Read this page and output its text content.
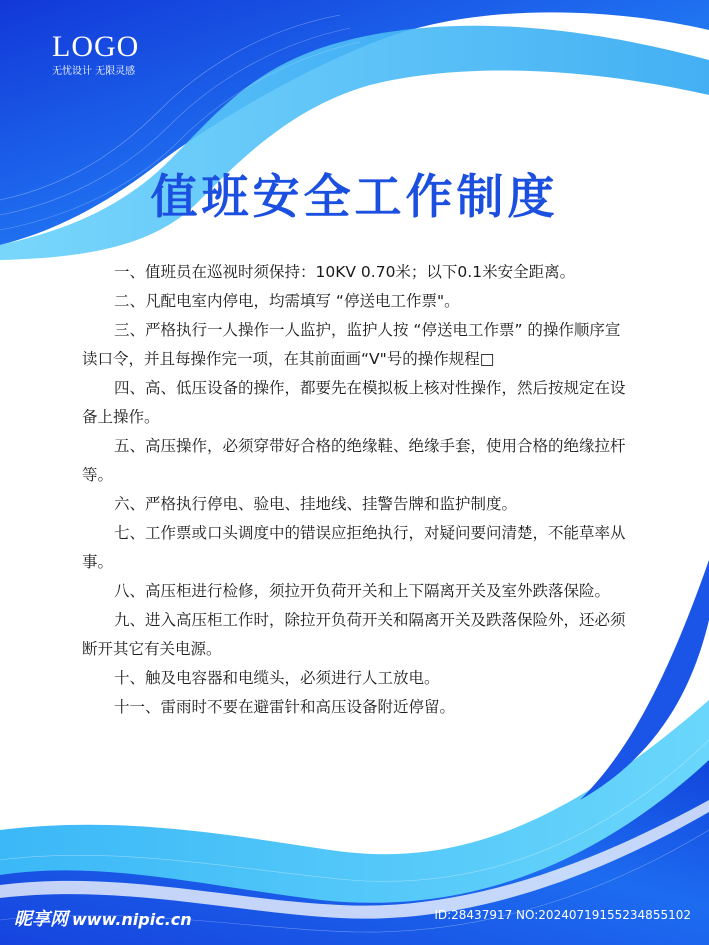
LOGO
无忧设计 无限灵感
值班安全工作制度

一、值班员在巡视时须保持：10KV 0.70米；以下0.1米安全距离。

二、凡配电室内停电，均需填写 “停送电工作票"。

三、严格执行一人操作一人监护，监护人按 “停送电工作票” 的操作顺序宣读口令，并且每操作完一项，在其前面画“V"号的操作规程□

四、高、低压设备的操作，都要先在模拟板上核对性操作，然后按规定在设备上操作。

五、高压操作，必须穿带好合格的绝缘鞋、绝缘手套，使用合格的绝缘拉杆等。

六、严格执行停电、验电、挂地线、挂警告牌和监护制度。

七、工作票或口头调度中的错误应拒绝执行，对疑问要问清楚，不能草率从事。

八、高压柜进行检修，须拉开负荷开关和上下隔离开关及室外跌落保险。

九、进入高压柜工作时，除拉开负荷开关和隔离开关及跌落保险外，还必须断开其它有关电源。

十、触及电容器和电缆头，必须进行人工放电。

十一、雷雨时不要在避雷针和高压设备附近停留。

昵享网 www.nipic.cn	ID:28437917 NO:20240719155234855102
